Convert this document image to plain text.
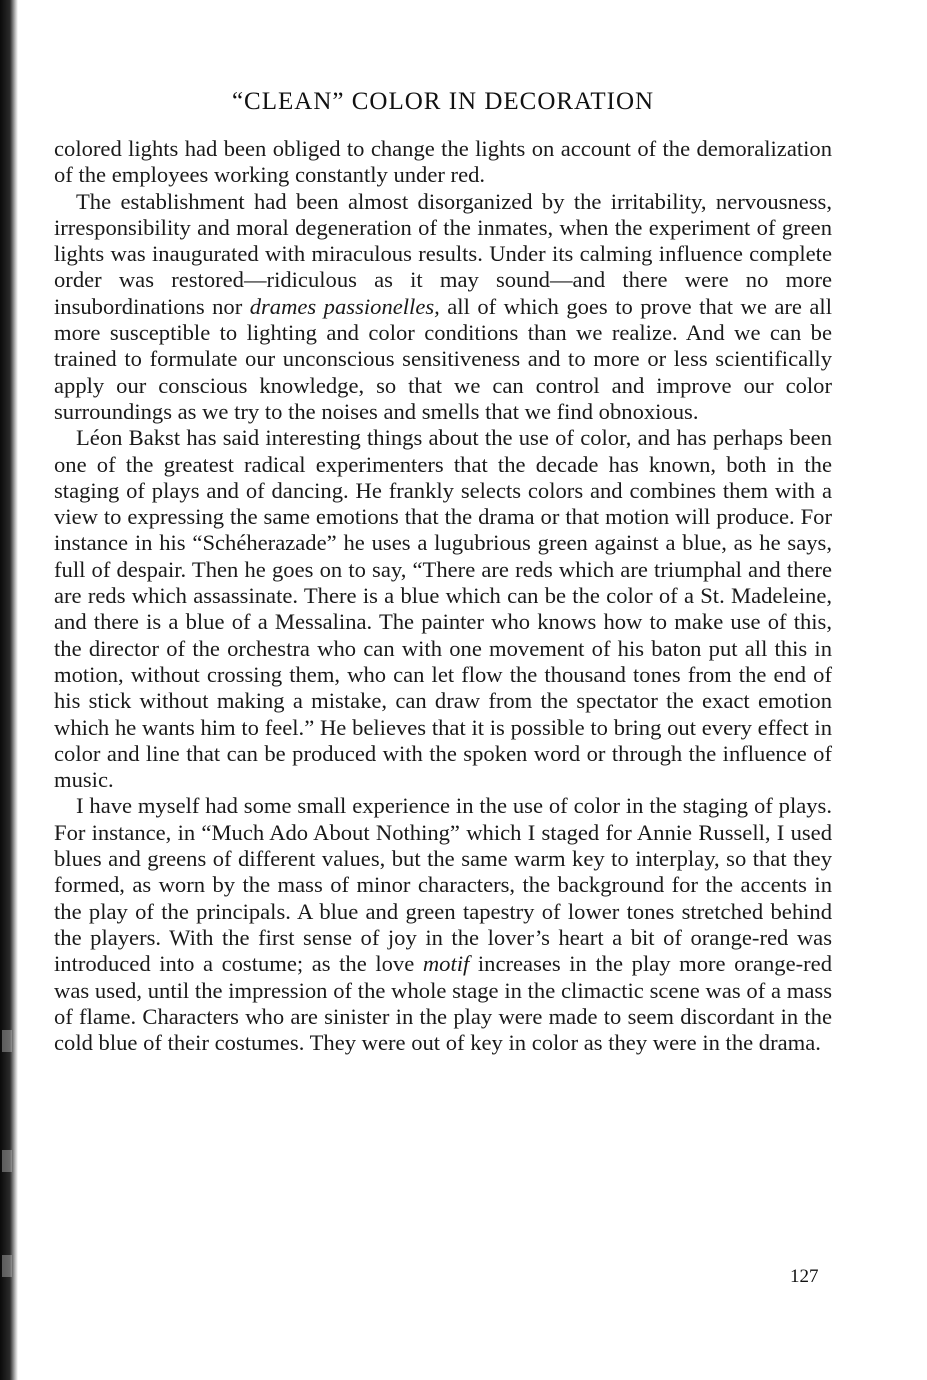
“CLEAN” COLOR IN DECORATION

colored lights had been obliged to change the lights on account of the demoralization of the employees working constantly under red.

The establishment had been almost disorganized by the irritability, nervousness, irresponsibility and moral degeneration of the inmates, when the experiment of green lights was inaugurated with miraculous results. Under its calming influence complete order was restored—ridiculous as it may sound—and there were no more insubordinations nor drames passionelles, all of which goes to prove that we are all more susceptible to lighting and color conditions than we realize. And we can be trained to formulate our unconscious sensitiveness and to more or less scientifically apply our conscious knowledge, so that we can control and improve our color surroundings as we try to the noises and smells that we find obnoxious.

Léon Bakst has said interesting things about the use of color, and has perhaps been one of the greatest radical experimenters that the decade has known, both in the staging of plays and of dancing. He frankly selects colors and combines them with a view to expressing the same emotions that the drama or that motion will produce. For instance in his “Schéherazade” he uses a lugubrious green against a blue, as he says, full of despair. Then he goes on to say, “There are reds which are triumphal and there are reds which assassinate. There is a blue which can be the color of a St. Madeleine, and there is a blue of a Messalina. The painter who knows how to make use of this, the director of the orchestra who can with one movement of his baton put all this in motion, without crossing them, who can let flow the thousand tones from the end of his stick without making a mistake, can draw from the spectator the exact emotion which he wants him to feel.” He believes that it is possible to bring out every effect in color and line that can be produced with the spoken word or through the influence of music.

I have myself had some small experience in the use of color in the staging of plays. For instance, in “Much Ado About Nothing” which I staged for Annie Russell, I used blues and greens of different values, but the same warm key to interplay, so that they formed, as worn by the mass of minor characters, the background for the accents in the play of the principals. A blue and green tapestry of lower tones stretched behind the players. With the first sense of joy in the lover’s heart a bit of orange-red was introduced into a costume; as the love motif increases in the play more orange-red was used, until the impression of the whole stage in the climactic scene was of a mass of flame. Characters who are sinister in the play were made to seem discordant in the cold blue of their costumes. They were out of key in color as they were in the drama.

127
